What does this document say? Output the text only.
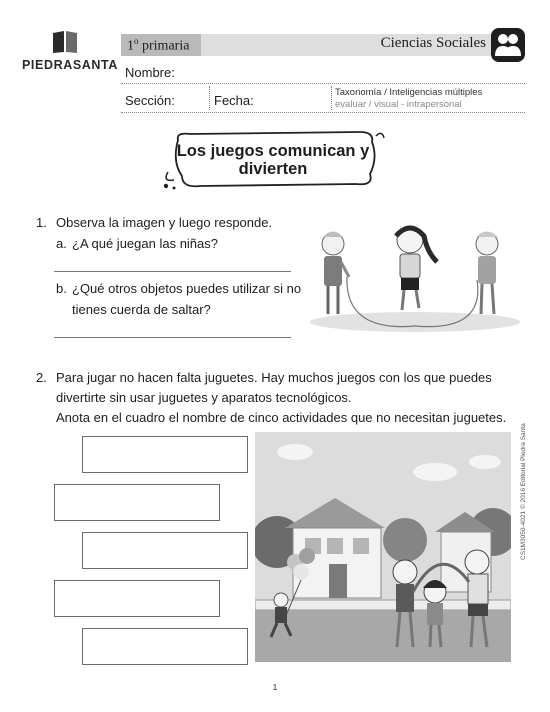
PIEDRASANTA
1$^o$ primaria	Ciencias Sociales
Nombre:
Sección:	Fecha:
Taxonomía / Inteligencias múltiples
evaluar / visual - intrapersonal
Los juegos comunican y
divierten
1. Observa la imagen y luego responde.
a. ¿A qué juegan las niñas?
b. ¿Qué otros objetos puedes utilizar si no
tienes cuerda de saltar?
2. Para jugar no hacen falta juguetes. Hay muchos juegos con los que puedes
divertirte sin usar juguetes y aparatos tecnológicos.
Anota en el cuadro el nombre de cinco actividades que no necesitan juguetes.
CS1M3050-4021 © 2016 Editorial Piedra Santa
1
